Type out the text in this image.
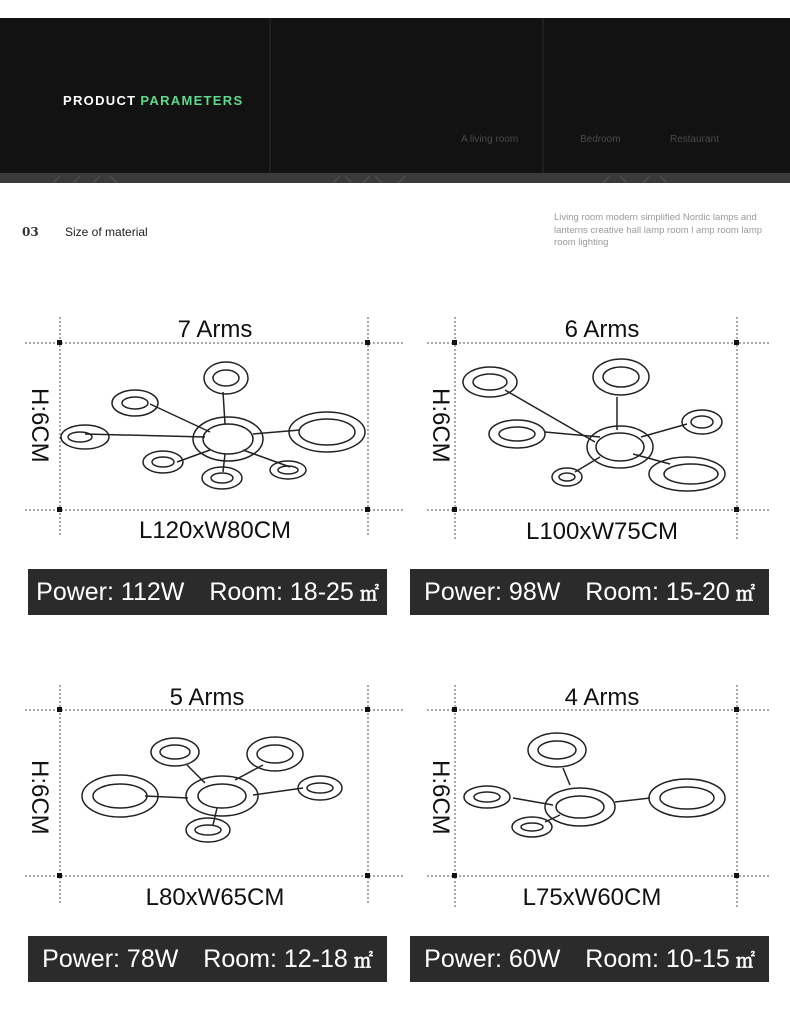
PRODUCT PARAMETERS
A living room	Bedroom	Restaurant
03 Size of material
Living room modern simplified Nordic lamps and lanterns creative hall lamp room l amp room lamp room lighting
7 Arms
H:6CM
L120xW80CM
Power: 112W Room: 18-25 ㎡
6 Arms
H:6CM
L100xW75CM
Power: 98W Room: 15-20 ㎡
5 Arms
H:6CM
L80xW65CM
Power: 78W Room: 12-18 ㎡
4 Arms
H:6CM
L75xW60CM
Power: 60W Room: 10-15 ㎡
